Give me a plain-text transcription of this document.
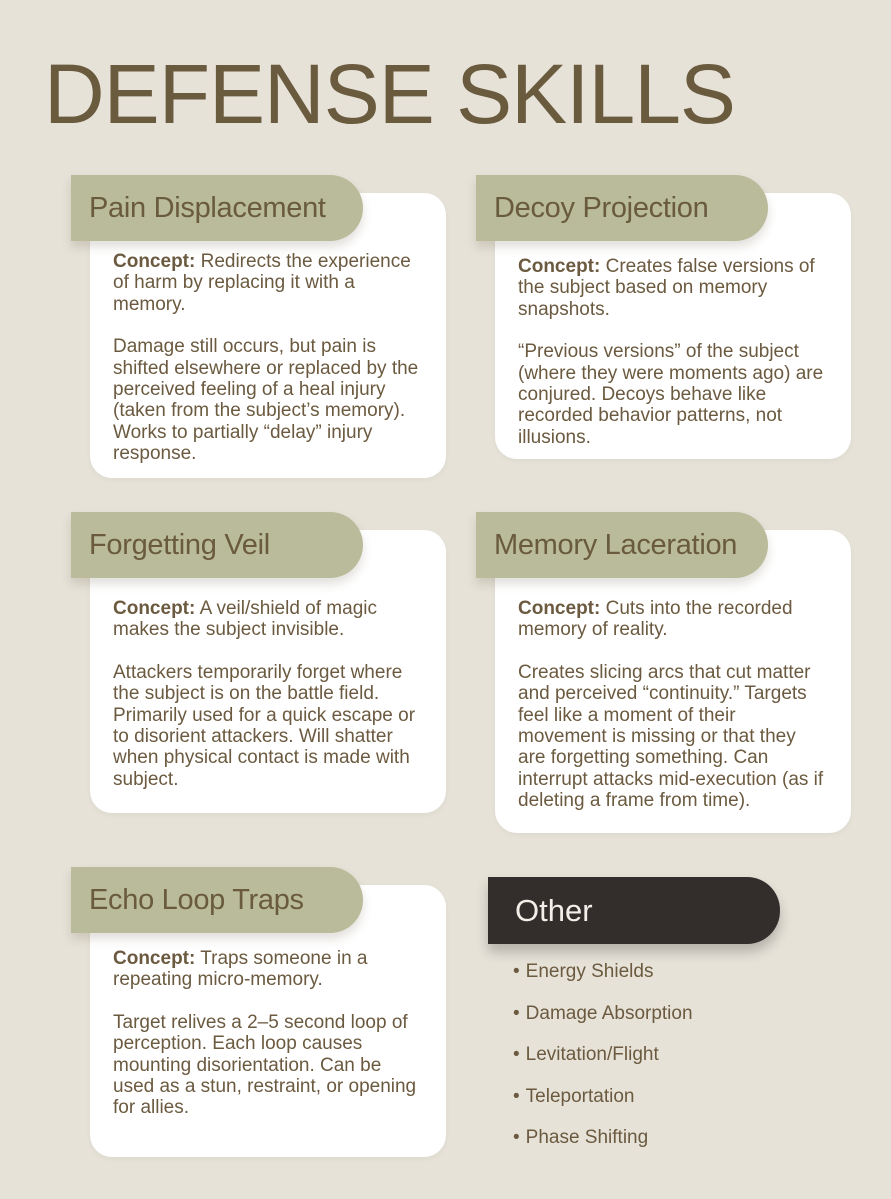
DEFENSE SKILLS
Pain Displacement

Concept: Redirects the experience of harm by replacing it with a memory.

Damage still occurs, but pain is shifted elsewhere or replaced by the perceived feeling of a heal injury (taken from the subject’s memory). Works to partially “delay” injury response.

Decoy Projection

Concept: Creates false versions of the subject based on memory snapshots.

“Previous versions” of the subject (where they were moments ago) are conjured. Decoys behave like recorded behavior patterns, not illusions.

Forgetting Veil

Concept: A veil/shield of magic makes the subject invisible.

Attackers temporarily forget where the subject is on the battle field. Primarily used for a quick escape or to disorient attackers. Will shatter when physical contact is made with subject.

Memory Laceration

Concept: Cuts into the recorded memory of reality.

Creates slicing arcs that cut matter and perceived “continuity.” Targets feel like a moment of their movement is missing or that they are forgetting something. Can interrupt attacks mid-execution (as if deleting a frame from time).

Echo Loop Traps

Concept: Traps someone in a repeating micro-memory.

Target relives a 2–5 second loop of perception. Each loop causes mounting disorientation. Can be used as a stun, restraint, or opening for allies.

Other
• Energy Shields
• Damage Absorption
• Levitation/Flight
• Teleportation
• Phase Shifting
